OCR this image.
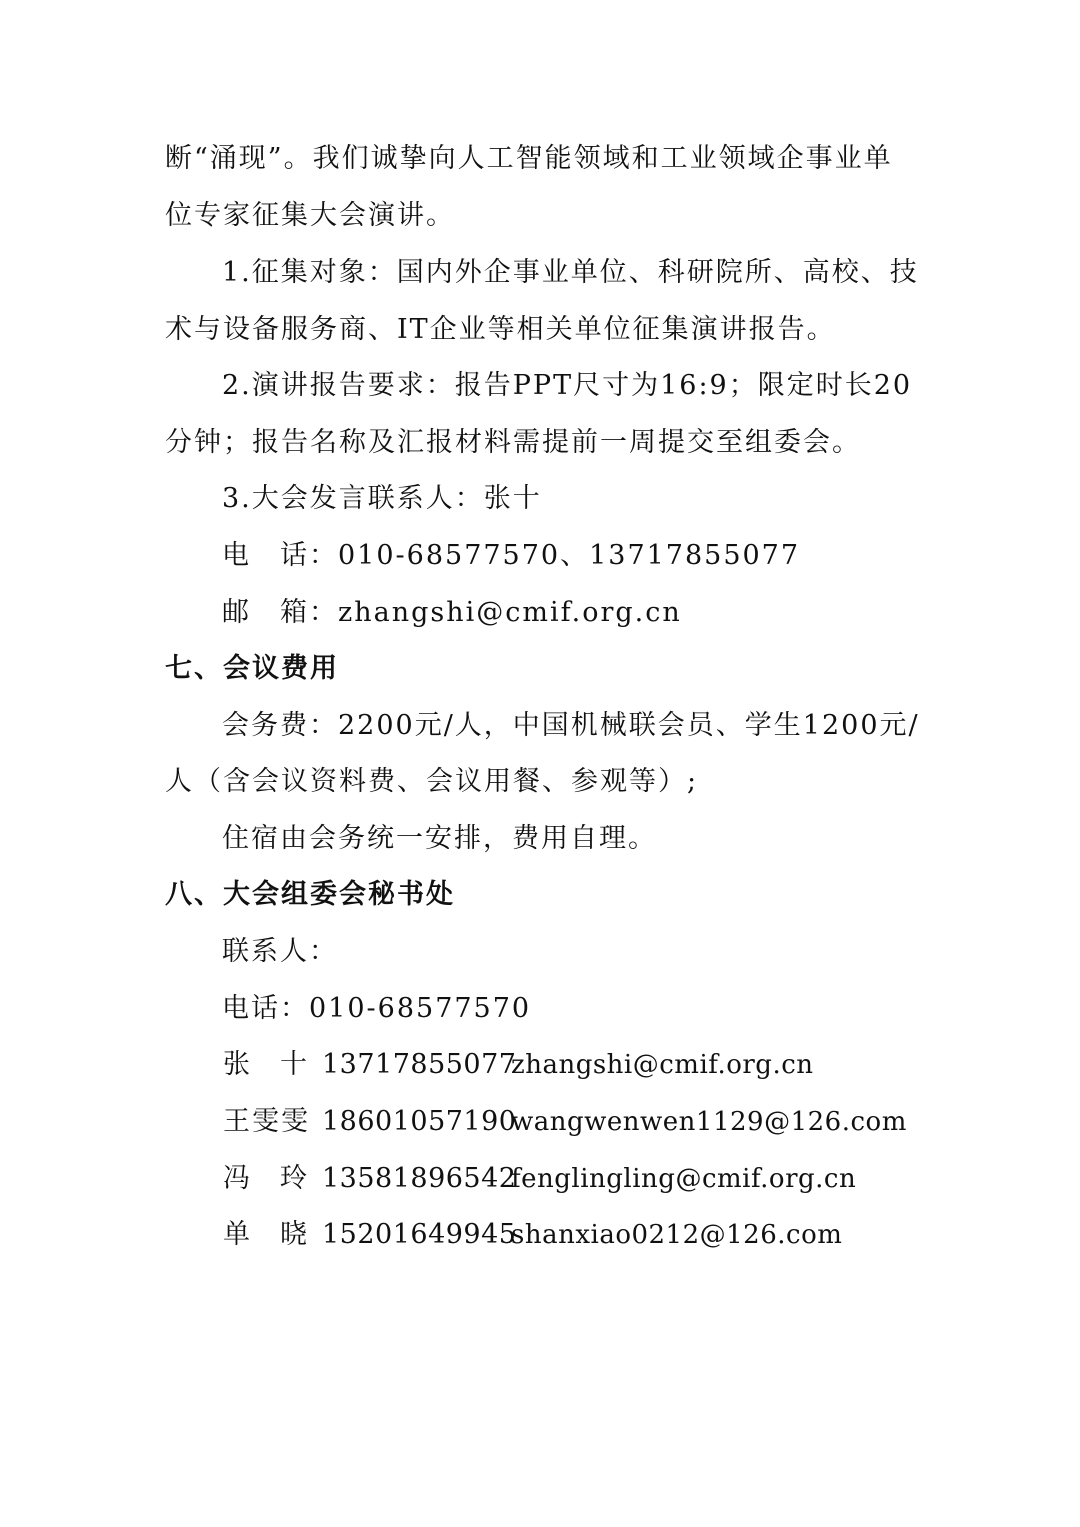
断“涌现”。我们诚挚向人工智能领域和工业领域企事业单
位专家征集大会演讲。
1.征集对象：国内外企事业单位、科研院所、高校、技
术与设备服务商、IT企业等相关单位征集演讲报告。
2.演讲报告要求：报告PPT尺寸为16:9；限定时长20
分钟；报告名称及汇报材料需提前一周提交至组委会。
3.大会发言联系人：张十
电　话：010-68577570、13717855077
邮　箱：zhangshi@cmif.org.cn
七、会议费用
会务费：2200元/人，中国机械联会员、学生1200元/
人（含会议资料费、会议用餐、参观等）;
住宿由会务统一安排，费用自理。
八、大会组委会秘书处
联系人：
电话：010-68577570
张十
13717855077
zhangshi@cmif.org.cn
王雯雯 18601057190
wangwenwen1129@126.com
冯玲
13581896542
fenglingling@cmif.org.cn
单晓
15201649945
shanxiao0212@126.com
